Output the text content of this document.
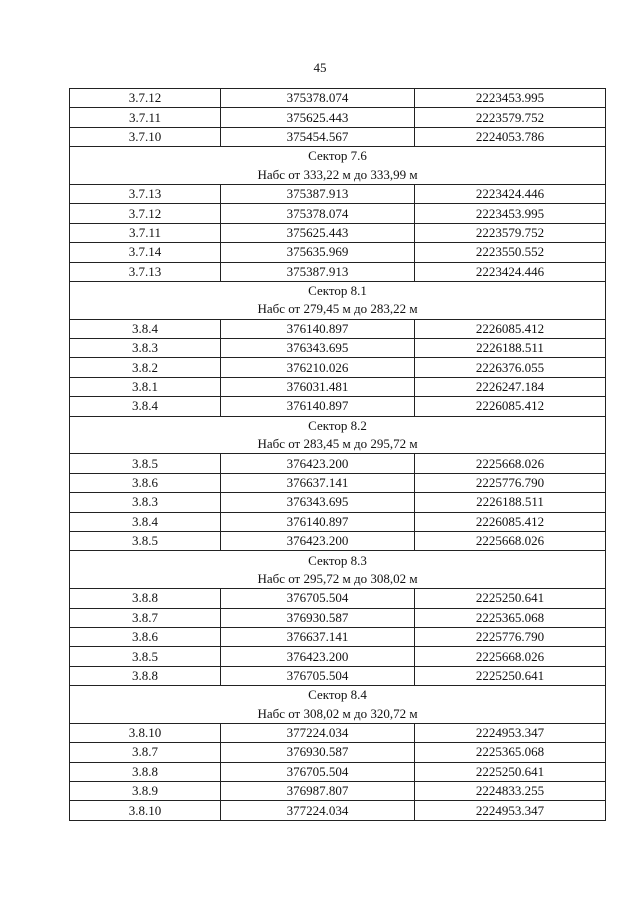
45
3.7.12	375378.074	2223453.995
3.7.11	375625.443	2223579.752
3.7.10	375454.567	2224053.786
Сектор 7.6		
Набс от 333,22 м до 333,99 м		
3.7.13	375387.913	2223424.446
3.7.12	375378.074	2223453.995
3.7.11	375625.443	2223579.752
3.7.14	375635.969	2223550.552
3.7.13	375387.913	2223424.446
Сектор 8.1		
Набс от 279,45 м до 283,22 м		
3.8.4	376140.897	2226085.412
3.8.3	376343.695	2226188.511
3.8.2	376210.026	2226376.055
3.8.1	376031.481	2226247.184
3.8.4	376140.897	2226085.412
Сектор 8.2		
Набс от 283,45 м до 295,72 м		
3.8.5	376423.200	2225668.026
3.8.6	376637.141	2225776.790
3.8.3	376343.695	2226188.511
3.8.4	376140.897	2226085.412
3.8.5	376423.200	2225668.026
Сектор 8.3		
Набс от 295,72 м до 308,02 м		
3.8.8	376705.504	2225250.641
3.8.7	376930.587	2225365.068
3.8.6	376637.141	2225776.790
3.8.5	376423.200	2225668.026
3.8.8	376705.504	2225250.641
Сектор 8.4		
Набс от 308,02 м до 320,72 м		
3.8.10	377224.034	2224953.347
3.8.7	376930.587	2225365.068
3.8.8	376705.504	2225250.641
3.8.9	376987.807	2224833.255
3.8.10	377224.034	2224953.347
